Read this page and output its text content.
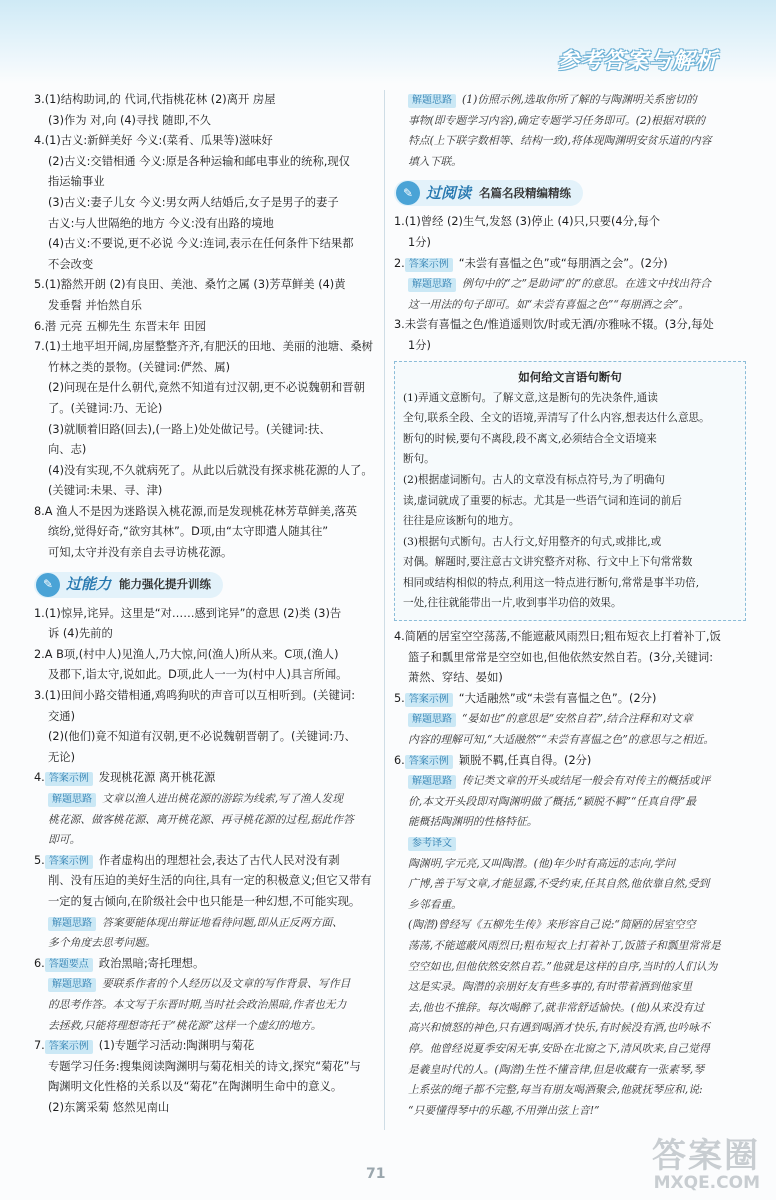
参考答案与解析
3.(1)结构助词,的 代词,代指桃花林 (2)离开 房屋
(3)作为 对,向 (4)寻找 随即,不久
4.(1)古义:新鲜美好 今义:(菜肴、瓜果等)滋味好
(2)古义:交错相通 今义:原是各种运输和邮电事业的统称,现仅
指运输事业
(3)古义:妻子儿女 今义:男女两人结婚后,女子是男子的妻子
古义:与人世隔绝的地方 今义:没有出路的境地
(4)古义:不要说,更不必说 今义:连词,表示在任何条件下结果都
不会改变
5.(1)豁然开朗 (2)有良田、美池、桑竹之属 (3)芳草鲜美 (4)黄
发垂髫 并怡然自乐
6.潜 元亮 五柳先生 东晋末年 田园
7.(1)土地平坦开阔,房屋整整齐齐,有肥沃的田地、美丽的池塘、桑树
竹林之类的景物。(关键词:俨然、属)
(2)问现在是什么朝代,竟然不知道有过汉朝,更不必说魏朝和晋朝
了。(关键词:乃、无论)
(3)就顺着旧路(回去),(一路上)处处做记号。(关键词:扶、
向、志)
(4)没有实现,不久就病死了。从此以后就没有探求桃花源的人了。
(关键词:未果、寻、津)
8.A 渔人不是因为迷路误入桃花源,而是发现桃花林芳草鲜美,落英
缤纷,觉得好奇,“欲穷其林”。D项,由“太守即遣人随其往”
可知,太守并没有亲自去寻访桃花源。
✎ 过能力 能力强化提升训练
1.(1)惊异,诧异。这里是“对……感到诧异”的意思 (2)类 (3)告
诉 (4)先前的
2.A B项,(村中人)见渔人,乃大惊,问(渔人)所从来。C项,(渔人)
及郡下,诣太守,说如此。D项,此人一一为(村中人)具言所闻。
3.(1)田间小路交错相通,鸡鸣狗吠的声音可以互相听到。(关键词:
交通)
(2)(他们)竟不知道有汉朝,更不必说魏朝晋朝了。(关键词:乃、
无论)
4. 答案示例 发现桃花源 离开桃花源
解题思路 文章以渔人进出桃花源的游踪为线索,写了渔人发现
桃花源、做客桃花源、离开桃花源、再寻桃花源的过程,据此作答
即可。
5. 答案示例 作者虚构出的理想社会,表达了古代人民对没有剥
削、没有压迫的美好生活的向往,具有一定的积极意义;但它又带有
一定的复古倾向,在阶级社会中也只能是一种幻想,不可能实现。
解题思路 答案要能体现出辩证地看待问题,即从正反两方面、
多个角度去思考问题。
6. 答题要点 政治黑暗;寄托理想。
解题思路 要联系作者的个人经历以及文章的写作背景、写作目
的思考作答。本文写于东晋时期,当时社会政治黑暗,作者也无力
去拯救,只能将理想寄托于“桃花源”这样一个虚幻的地方。
7. 答案示例 (1)专题学习活动:陶渊明与菊花
专题学习任务:搜集阅读陶渊明与菊花相关的诗文,探究“菊花”与
陶渊明文化性格的关系以及“菊花”在陶渊明生命中的意义。
(2)东篱采菊 悠然见南山
解题思路 (1)仿照示例,选取你所了解的与陶渊明关系密切的
事物(即专题学习内容),确定专题学习任务即可。(2)根据对联的
特点(上下联字数相等、结构一致),将体现陶渊明安贫乐道的内容
填入下联。
✎ 过阅读 名篇名段精编精练
1.(1)曾经 (2)生气,发怒 (3)停止 (4)只,只要(4分,每个
1分)
2. 答案示例 “未尝有喜愠之色”或“每朋酒之会”。(2分)
解题思路 例句中的“之”是助词“的”的意思。在选文中找出符合
这一用法的句子即可。如“未尝有喜愠之色”“每朋酒之会”。
3.未尝有喜愠之色/惟逍遥则饮/时或无酒/亦雅咏不辍。(3分,每处
1分)
如何给文言语句断句
(1)弄通文意断句。了解文意,这是断句的先决条件,通读
全句,联系全段、全文的语境,弄清写了什么内容,想表达什么意思。
断句的时候,要句不离段,段不离文,必须结合全文语境来
断句。
(2)根据虚词断句。古人的文章没有标点符号,为了明确句
读,虚词就成了重要的标志。尤其是一些语气词和连词的前后
往往是应该断句的地方。
(3)根据句式断句。古人行文,好用整齐的句式,或排比,或
对偶。解题时,要注意古文讲究整齐对称、行文中上下句常常数
相同或结构相似的特点,利用这一特点进行断句,常常是事半功倍,
一处,往往就能带出一片,收到事半功倍的效果。
4.简陋的居室空空荡荡,不能遮蔽风雨烈日;粗布短衣上打着补丁,饭
篮子和瓢里常常是空空如也,但他依然安然自若。(3分,关键词:
萧然、穿结、晏如)
5. 答案示例 “大适融然”或“未尝有喜愠之色”。(2分)
解题思路 “晏如也”的意思是“安然自若”,结合注释和对文章
内容的理解可知,“大适融然”“未尝有喜愠之色”的意思与之相近。
6. 答案示例 颖脱不羁,任真自得。(2分)
解题思路 传记类文章的开头或结尾一般会有对传主的概括或评
价,本文开头段即对陶渊明做了概括,“颖脱不羁”“任真自得”最
能概括陶渊明的性格特征。
参考译文
陶渊明,字元亮,又叫陶潜。(他)年少时有高远的志向,学问
广博,善于写文章,才能显露,不受约束,任其自然,他依靠自然,受到
乡邻看重。
(陶潜)曾经写《五柳先生传》来形容自己说:“简陋的居室空空
荡荡,不能遮蔽风雨烈日;粗布短衣上打着补丁,饭篮子和瓢里常常是
空空如也,但他依然安然自若。”他就是这样的自序,当时的人们认为
这是实录。陶潜的亲朋好友有些多事的,有时带着酒到他家里
去,他也不推辞。每次喝醉了,就非常舒适愉快。(他)从来没有过
高兴和愤怒的神色,只有遇到喝酒才快乐,有时候没有酒,也吟咏不
停。他曾经说夏季安闲无事,安卧在北窗之下,清风吹来,自己觉得
是羲皇时代的人。(陶潜)生性不懂音律,但是收藏有一张素琴,琴
上系弦的绳子都不完整,每当有朋友喝酒聚会,他就抚琴应和,说:
“只要懂得琴中的乐趣,不用弹出弦上音!”
71	答案圈
MXQE.COM
